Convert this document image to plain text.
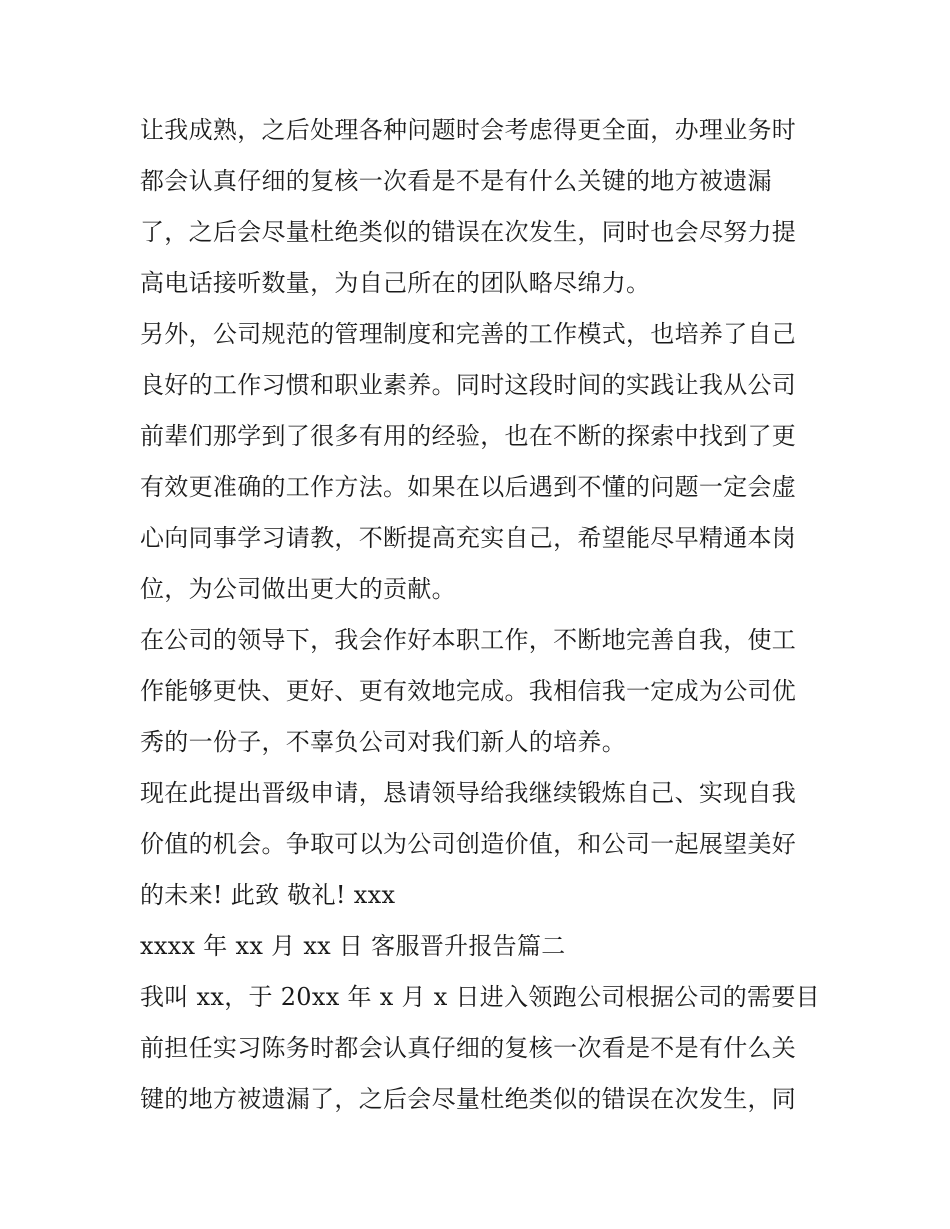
让我成熟，之后处理各种问题时会考虑得更全面，办理业务时
都会认真仔细的复核一次看是不是有什么关键的地方被遗漏
了，之后会尽量杜绝类似的错误在次发生，同时也会尽努力提
高电话接听数量，为自己所在的团队略尽绵力。
另外，公司规范的管理制度和完善的工作模式，也培养了自己
良好的工作习惯和职业素养。同时这段时间的实践让我从公司
前辈们那学到了很多有用的经验，也在不断的探索中找到了更
有效更准确的工作方法。如果在以后遇到不懂的问题一定会虚
心向同事学习请教，不断提高充实自己，希望能尽早精通本岗
位，为公司做出更大的贡献。
在公司的领导下，我会作好本职工作，不断地完善自我，使工
作能够更快、更好、更有效地完成。我相信我一定成为公司优
秀的一份子，不辜负公司对我们新人的培养。
现在此提出晋级申请，恳请领导给我继续锻炼自己、实现自我
价值的机会。争取可以为公司创造价值，和公司一起展望美好
的未来! 此致 敬礼! xxx
xxxx 年 xx 月 xx 日 客服晋升报告篇二
我叫 xx，于 20xx 年 x 月 x 日进入领跑公司根据公司的需要目
前担任实习陈务时都会认真仔细的复核一次看是不是有什么关
键的地方被遗漏了，之后会尽量杜绝类似的错误在次发生，同
